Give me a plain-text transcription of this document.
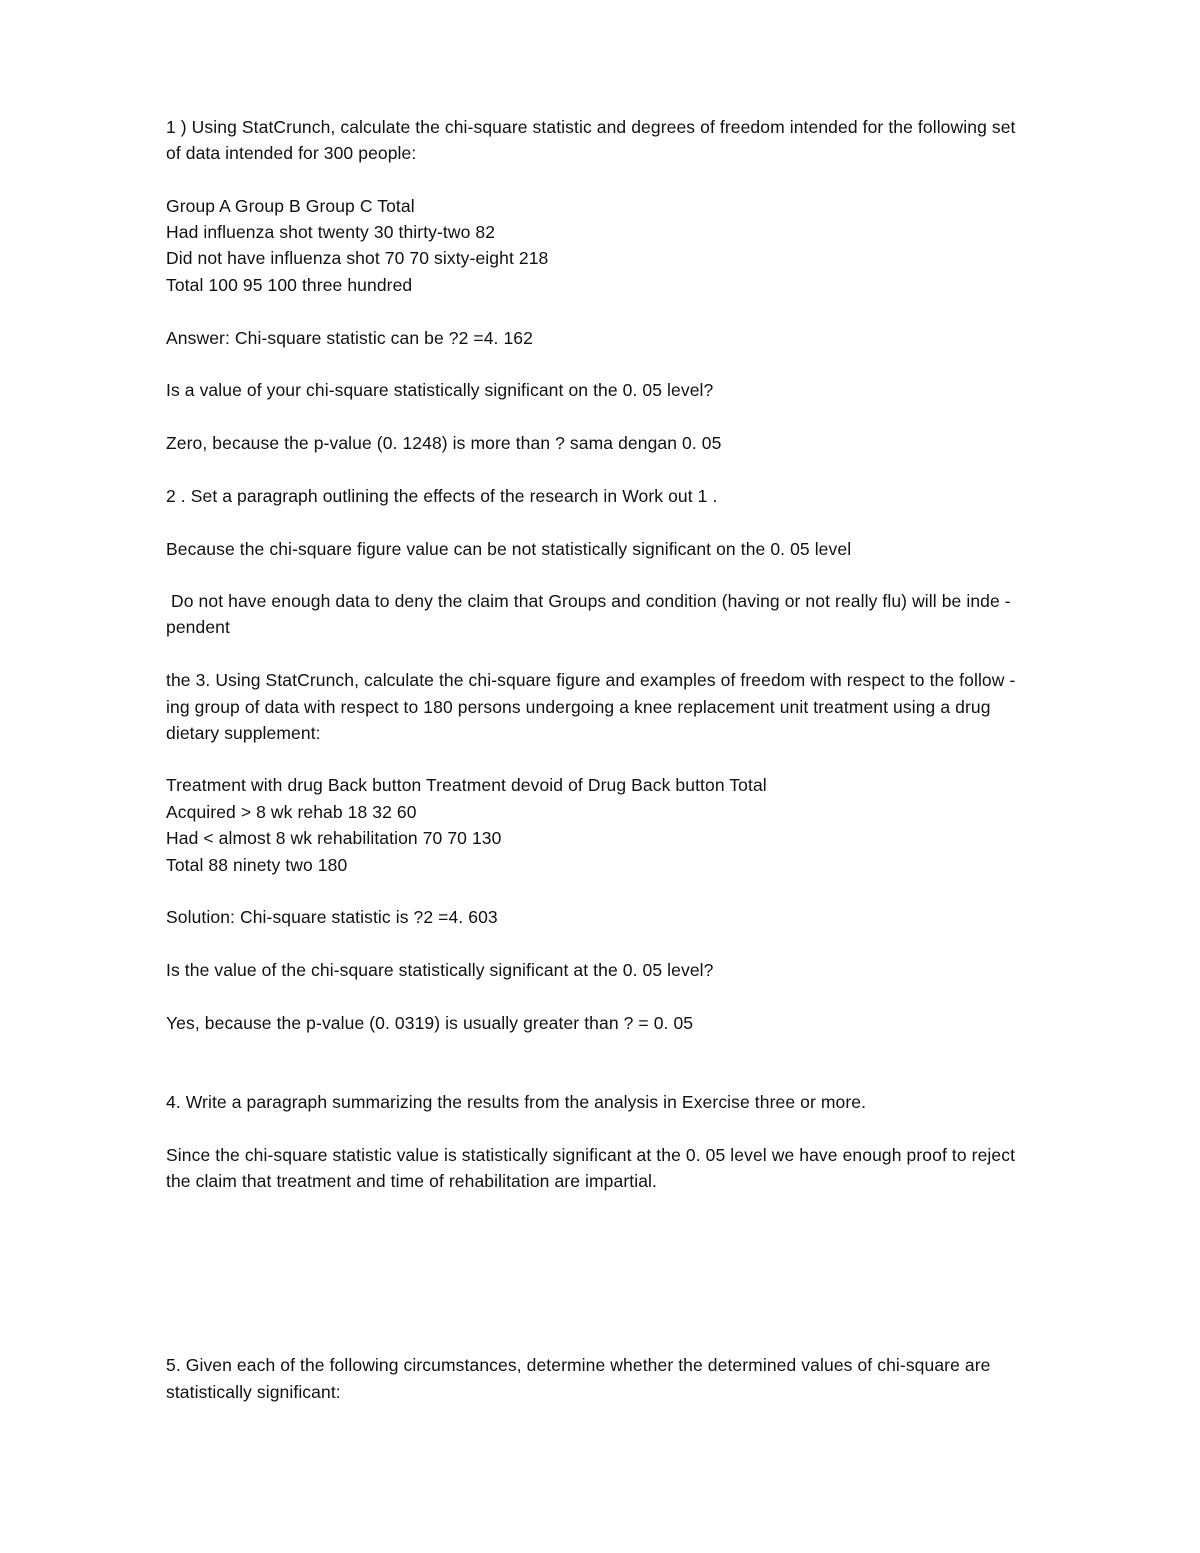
1 ) Using StatCrunch, calculate the chi-square statistic and degrees of freedom intended for the following set
of data intended for 300 people:
Group A Group B Group C Total
Had influenza shot twenty 30 thirty-two 82
Did not have influenza shot 70 70 sixty-eight 218
Total 100 95 100 three hundred
Answer: Chi-square statistic can be ?2 =4. 162
Is a value of your chi-square statistically significant on the 0. 05 level?
Zero, because the p-value (0. 1248) is more than ? sama dengan 0. 05
2 . Set a paragraph outlining the effects of the research in Work out 1 .
Because the chi-square figure value can be not statistically significant on the 0. 05 level
Do not have enough data to deny the claim that Groups and condition (having or not really flu) will be inde -
pendent
the 3. Using StatCrunch, calculate the chi-square figure and examples of freedom with respect to the follow -
ing group of data with respect to 180 persons undergoing a knee replacement unit treatment using a drug
dietary supplement:
Treatment with drug Back button Treatment devoid of Drug Back button Total
Acquired > 8 wk rehab 18 32 60
Had < almost 8 wk rehabilitation 70 70 130
Total 88 ninety two 180
Solution: Chi-square statistic is ?2 =4. 603
Is the value of the chi-square statistically significant at the 0. 05 level?
Yes, because the p-value (0. 0319) is usually greater than ? = 0. 05
4. Write a paragraph summarizing the results from the analysis in Exercise three or more.
Since the chi-square statistic value is statistically significant at the 0. 05 level we have enough proof to reject
the claim that treatment and time of rehabilitation are impartial.
5. Given each of the following circumstances, determine whether the determined values of chi-square are
statistically significant:
